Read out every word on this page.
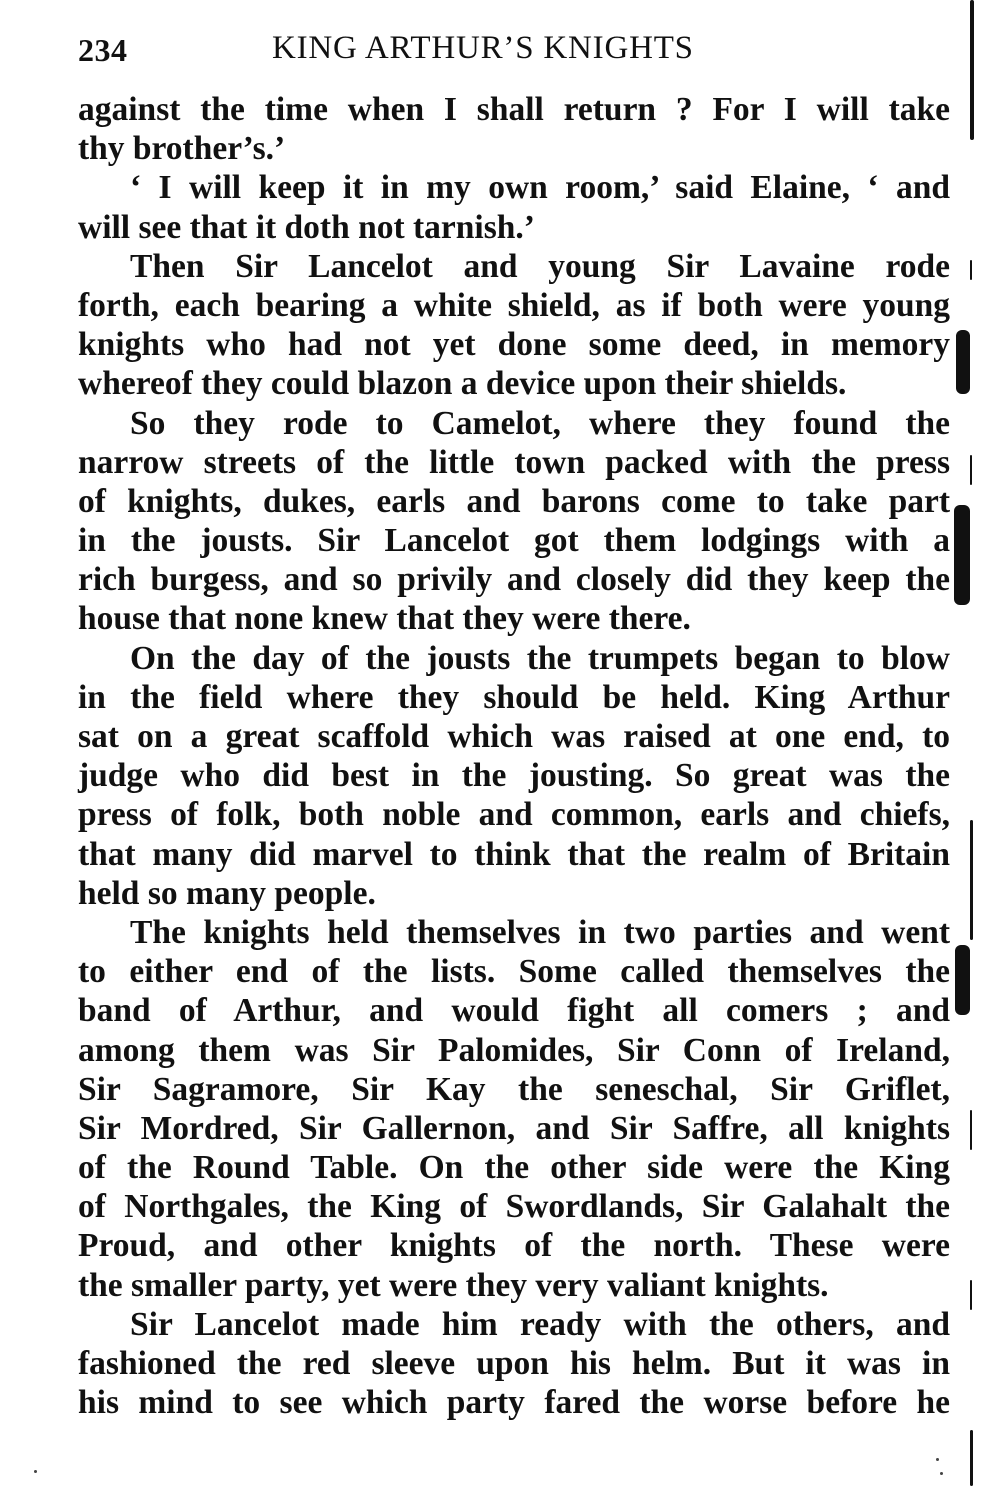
234	KING ARTHUR’S KNIGHTS
against the time when I shall return ? For I will take
thy brother’s.’
‘ I will keep it in my own room,’ said Elaine, ‘ and
will see that it doth not tarnish.’
Then Sir Lancelot and young Sir Lavaine rode
forth, each bearing a white shield, as if both were young
knights who had not yet done some deed, in memory
whereof they could blazon a device upon their shields.
So they rode to Camelot, where they found the
narrow streets of the little town packed with the press
of knights, dukes, earls and barons come to take part
in the jousts. Sir Lancelot got them lodgings with a
rich burgess, and so privily and closely did they keep the
house that none knew that they were there.
On the day of the jousts the trumpets began to blow
in the field where they should be held. King Arthur
sat on a great scaffold which was raised at one end, to
judge who did best in the jousting. So great was the
press of folk, both noble and common, earls and chiefs,
that many did marvel to think that the realm of Britain
held so many people.
The knights held themselves in two parties and went
to either end of the lists. Some called themselves the
band of Arthur, and would fight all comers ; and
among them was Sir Palomides, Sir Conn of Ireland,
Sir Sagramore, Sir Kay the seneschal, Sir Griflet,
Sir Mordred, Sir Gallernon, and Sir Saffre, all knights
of the Round Table. On the other side were the King
of Northgales, the King of Swordlands, Sir Galahalt the
Proud, and other knights of the north. These were
the smaller party, yet were they very valiant knights.
Sir Lancelot made him ready with the others, and
fashioned the red sleeve upon his helm. But it was in
his mind to see which party fared the worse before he
